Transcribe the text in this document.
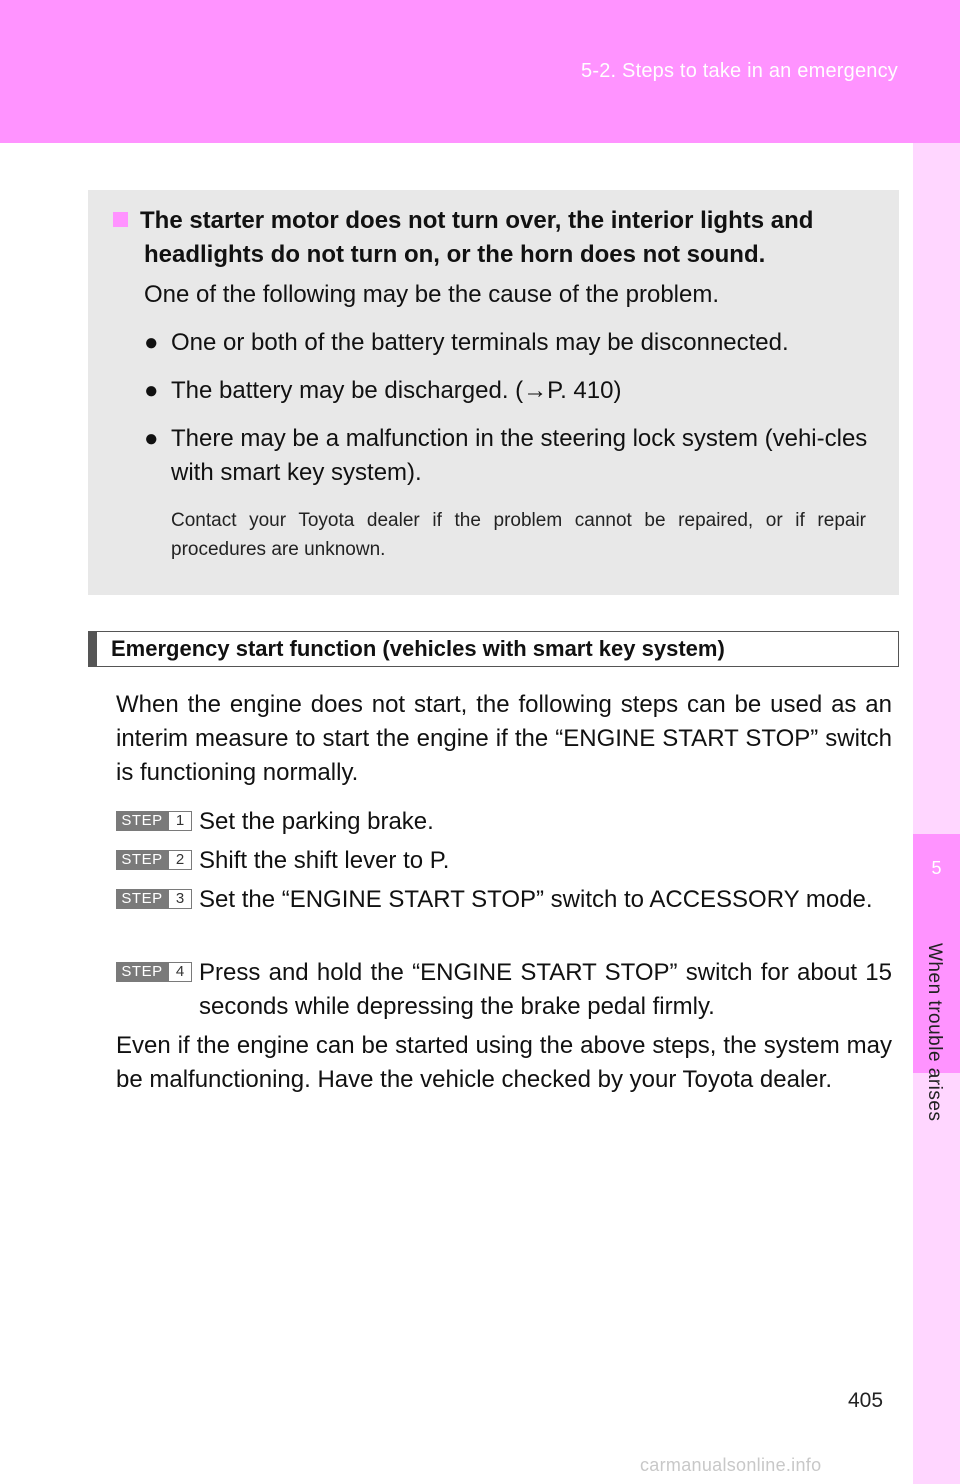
5-2. Steps to take in an emergency
5
When trouble arises
The starter motor does not turn over, the interior lights and
headlights do not turn on, or the horn does not sound.
One of the following may be the cause of the problem.
● One or both of the battery terminals may be disconnected.
● The battery may be discharged. (→P. 410)
● There may be a malfunction in the steering lock system (vehi-cles with smart key system).
Contact your Toyota dealer if the problem cannot be repaired, or if repair procedures are unknown.
Emergency start function (vehicles with smart key system)
When the engine does not start, the following steps can be used as an interim measure to start the engine if the “ENGINE START STOP” switch is functioning normally.
STEP 1 Set the parking brake.
STEP 2 Shift the shift lever to P.
STEP 3 Set the “ENGINE START STOP” switch to ACCESSORY mode.
STEP 4 Press and hold the “ENGINE START STOP” switch for about 15 seconds while depressing the brake pedal firmly.
Even if the engine can be started using the above steps, the system may be malfunctioning. Have the vehicle checked by your Toyota dealer.
405
carmanualsonline.info
